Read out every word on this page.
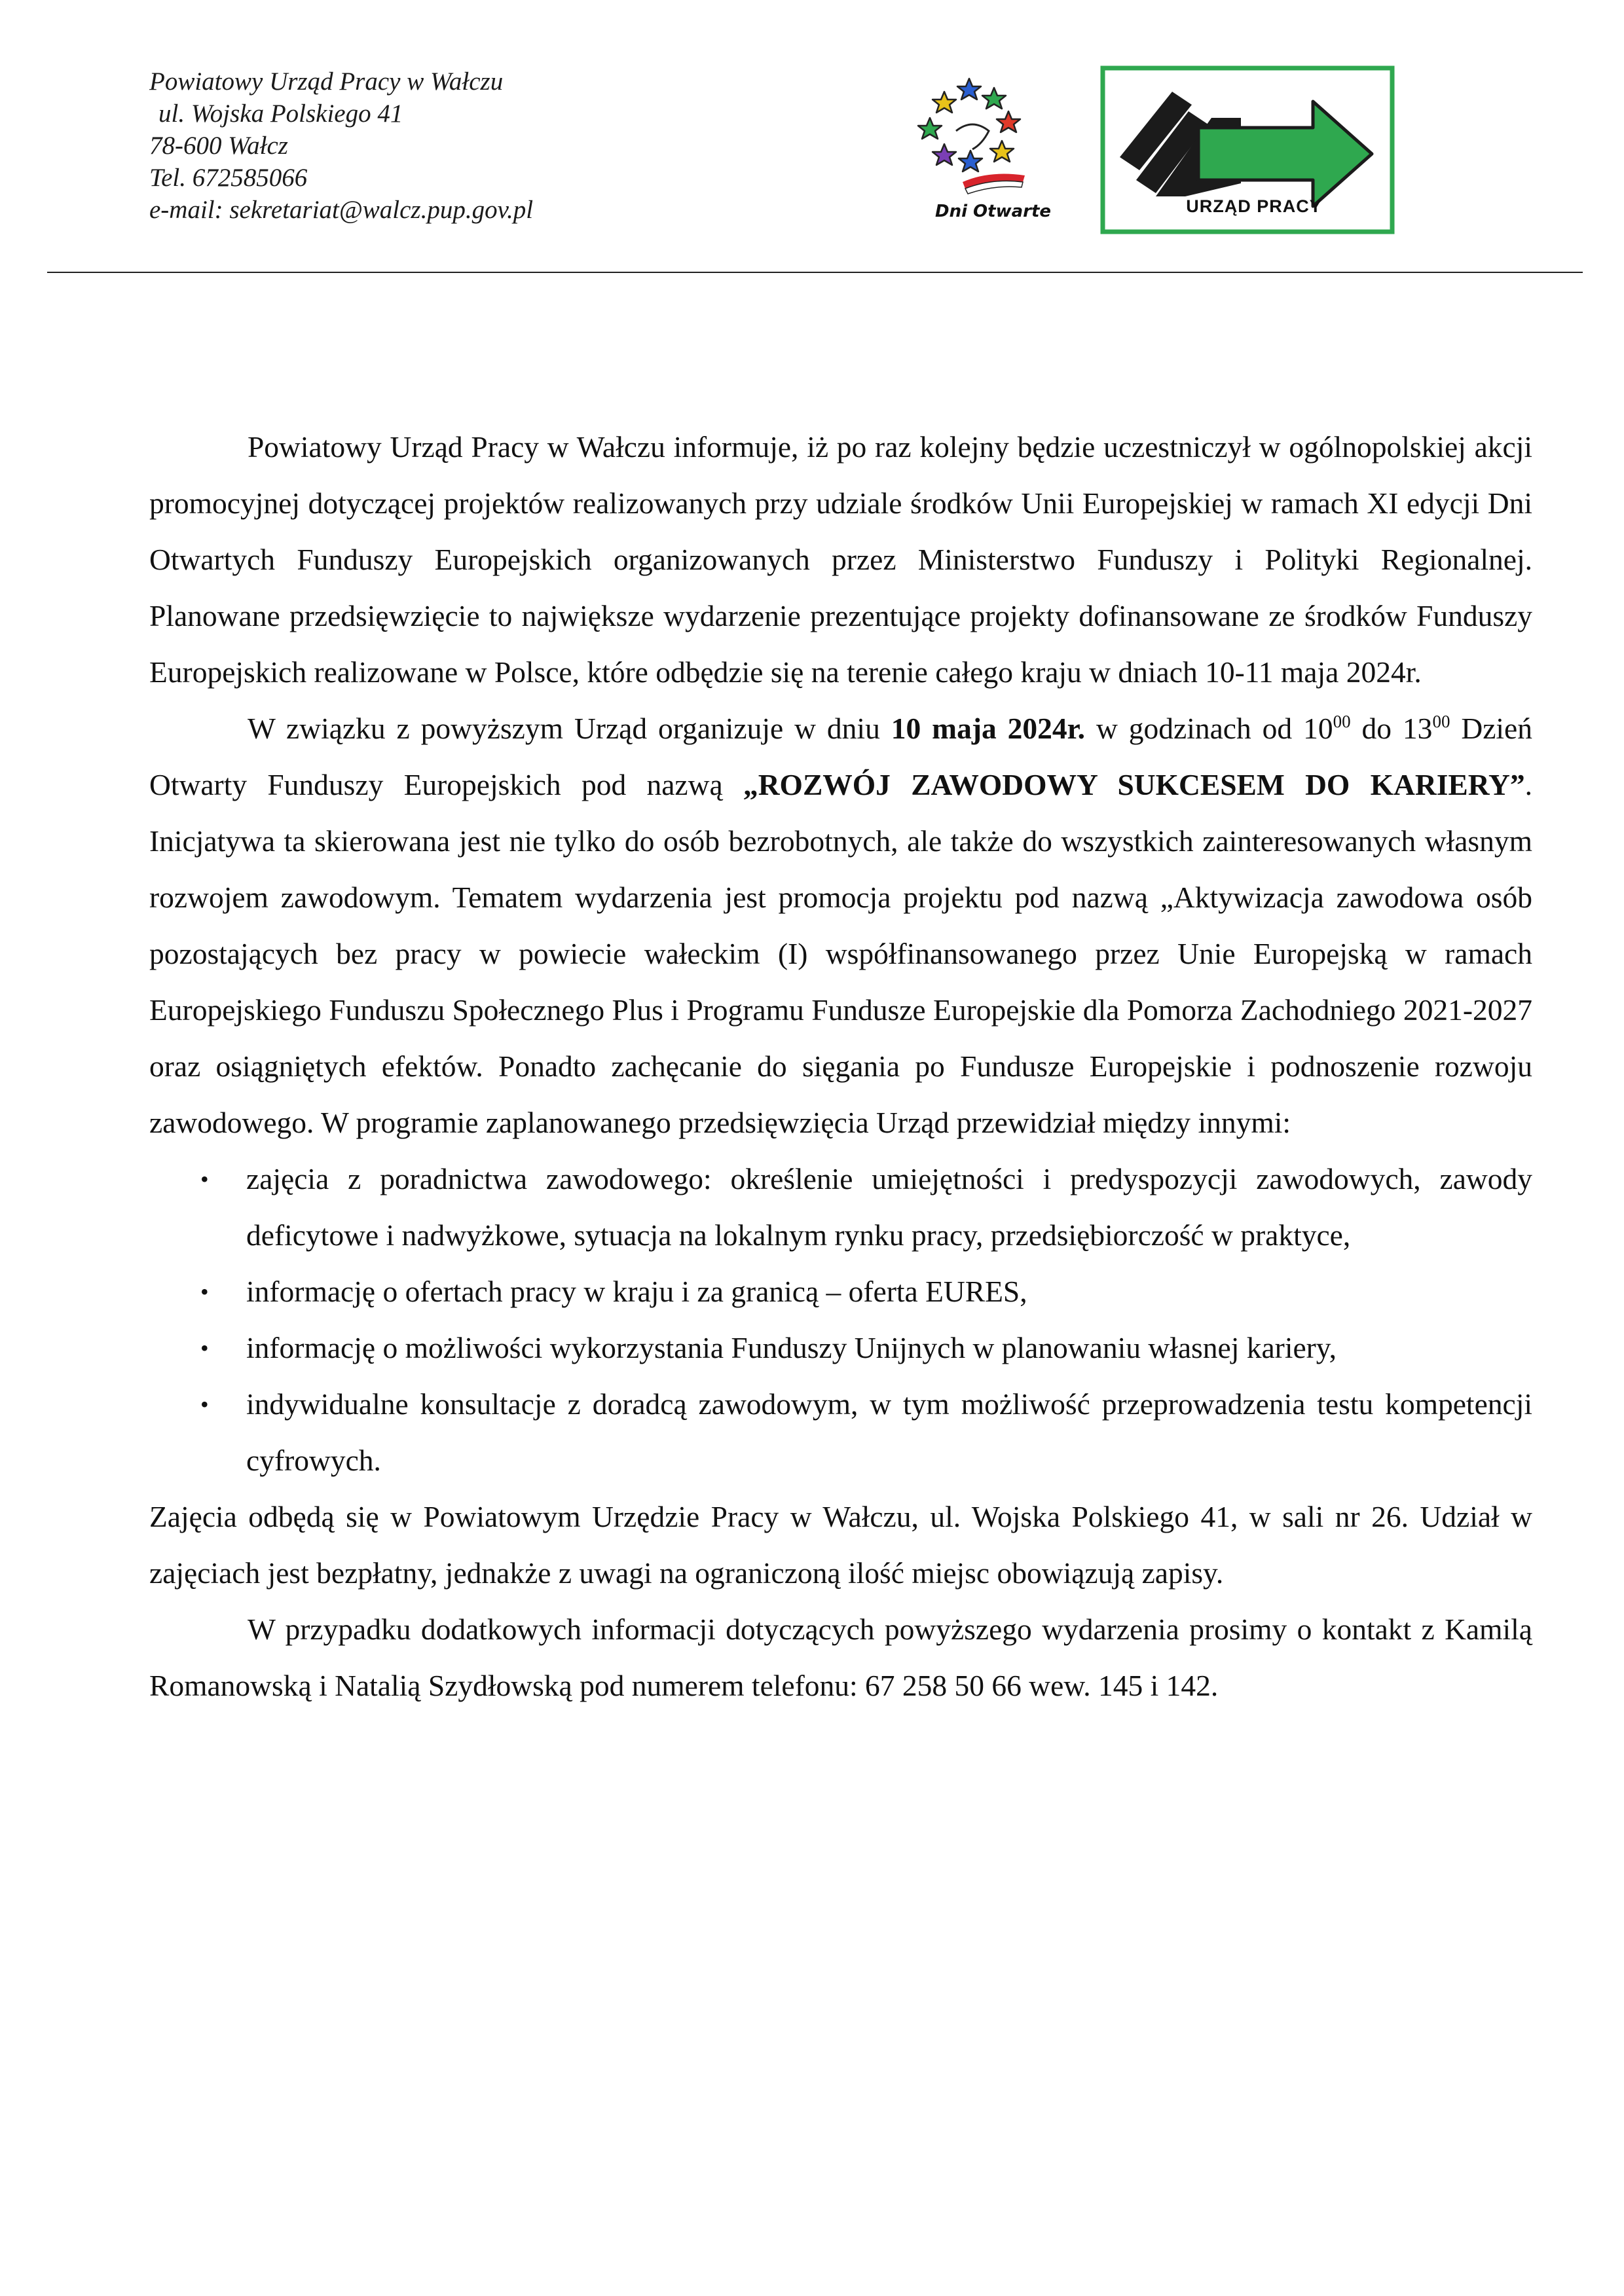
Powiatowy Urząd Pracy w Wałczu
ul. Wojska Polskiego 41
78-600 Wałcz
Tel. 672585066
e-mail: sekretariat@walcz.pup.gov.pl	Dni Otwarte	URZĄD PRACY

Powiatowy Urząd Pracy w Wałczu informuje, iż po raz kolejny będzie uczestniczył w ogólnopolskiej akcji promocyjnej dotyczącej projektów realizowanych przy udziale środków Unii Europejskiej w ramach XI edycji Dni Otwartych Funduszy Europejskich organizowanych przez Ministerstwo Funduszy i Polityki Regionalnej. Planowane przedsięwzięcie to największe wydarzenie prezentujące projekty dofinansowane ze środków Funduszy Europejskich realizowane w Polsce, które odbędzie się na terenie całego kraju w dniach 10-11 maja 2024r.

W związku z powyższym Urząd organizuje w dniu 10 maja 2024r. w godzinach od $10^{00}$ do $13^{00}$ Dzień Otwarty Funduszy Europejskich pod nazwą „ROZWÓJ ZAWODOWY SUKCESEM DO KARIERY”. Inicjatywa ta skierowana jest nie tylko do osób bezrobotnych, ale także do wszystkich zainteresowanych własnym rozwojem zawodowym. Tematem wydarzenia jest promocja projektu pod nazwą „Aktywizacja zawodowa osób pozostających bez pracy w powiecie wałeckim (I) współfinansowanego przez Unie Europejską w ramach Europejskiego Funduszu Społecznego Plus i Programu Fundusze Europejskie dla Pomorza Zachodniego 2021-2027 oraz osiągniętych efektów. Ponadto zachęcanie do sięgania po Fundusze Europejskie i podnoszenie rozwoju zawodowego. W programie zaplanowanego przedsięwzięcia Urząd przewidział między innymi:

• zajęcia z poradnictwa zawodowego: określenie umiejętności i predyspozycji zawodowych, zawody deficytowe i nadwyżkowe, sytuacja na lokalnym rynku pracy, przedsiębiorczość w praktyce,
• informację o ofertach pracy w kraju i za granicą – oferta EURES,
• informację o możliwości wykorzystania Funduszy Unijnych w planowaniu własnej kariery,
• indywidualne konsultacje z doradcą zawodowym, w tym możliwość przeprowadzenia testu kompetencji cyfrowych.

Zajęcia odbędą się w Powiatowym Urzędzie Pracy w Wałczu, ul. Wojska Polskiego 41, w sali nr 26. Udział w zajęciach jest bezpłatny, jednakże z uwagi na ograniczoną ilość miejsc obowiązują zapisy.

W przypadku dodatkowych informacji dotyczących powyższego wydarzenia prosimy o kontakt z Kamilą Romanowską i Natalią Szydłowską pod numerem telefonu: 67 258 50 66 wew. 145 i 142.
